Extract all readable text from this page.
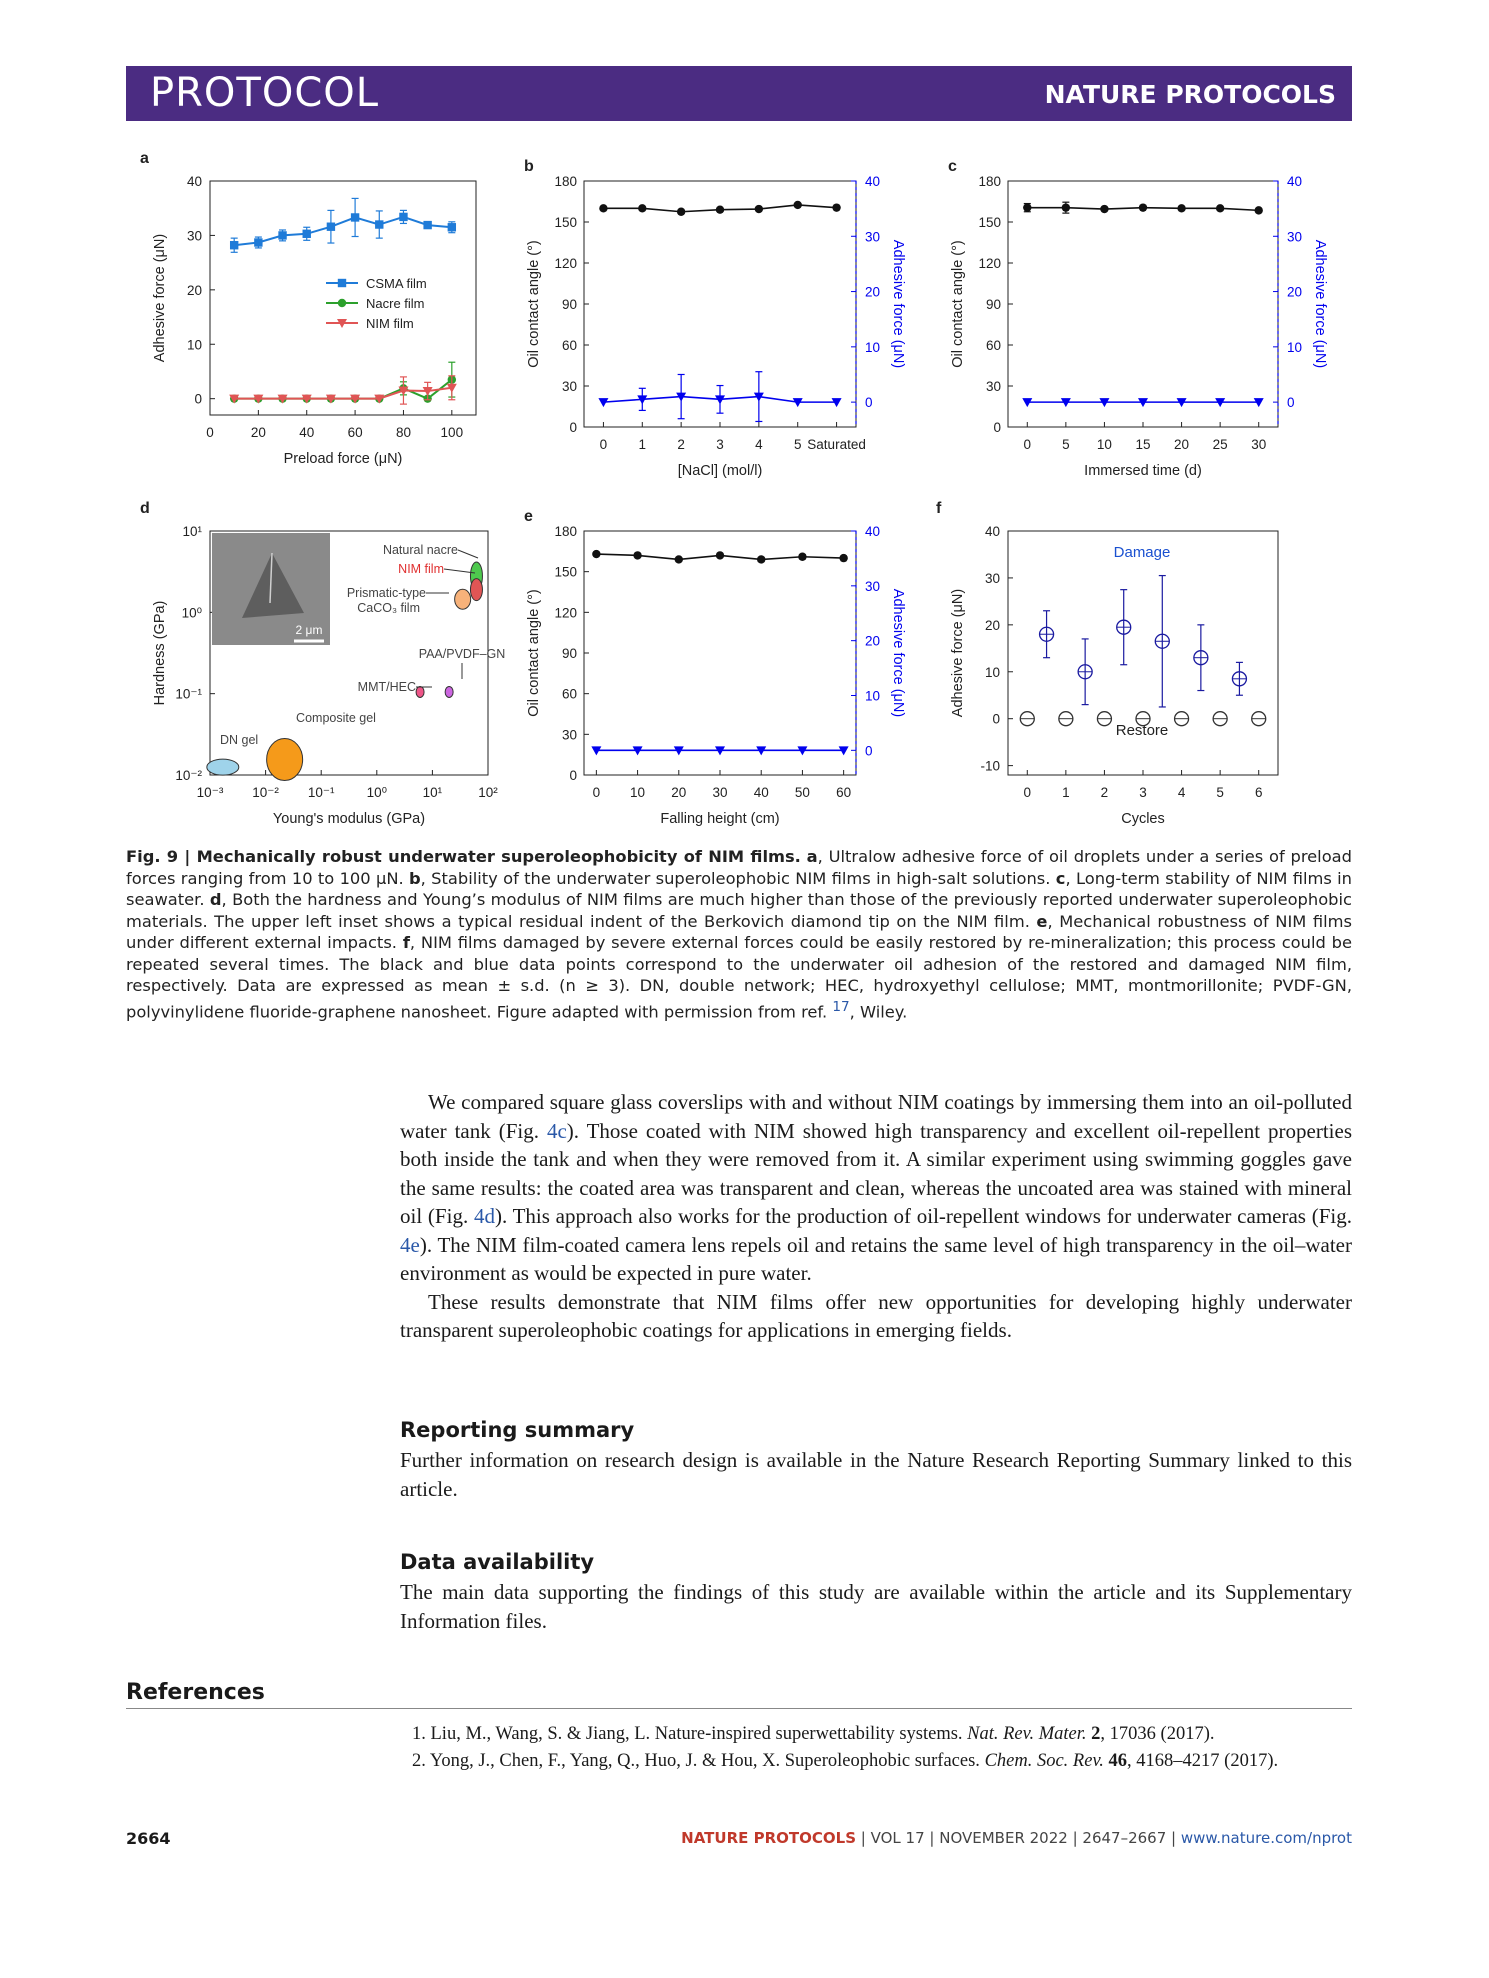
PROTOCOL	NATURE PROTOCOLS
0
10
20
30
40
0	20 40 60 80 100
Preload force (μN)
Adhesive force (μN)	CSMA film
Nacre film
NIM film
a
0
30
60
90
120
150
180
0
10
20
30
40
0 1 2 3 4 5 Saturated
[NaCl] (mol/l)
Oil contact angle (°)	Adhesive force (μN)
b
0
30
60
90
120
150
180
0
10
20
30
40
0 5 10 15 20 25 30
Immersed time (d)
Oil contact angle (°)	Adhesive force (μN)
c
0
30
60
90
120
150
180
0
10
20
30
40
0 10 20 30 40 50 60
Falling height (cm)
Oil contact angle (°)	Adhesive force (μN)
e
10⁻³ 10⁻² 10⁻¹ 10⁰	10¹	10²
10⁻²
10⁻¹
10⁰
10¹
Young's modulus (GPa)
Hardness (GPa)	2 μm
Natural nacre
NIM film
Prismatic-type
CaCO₃ film
PAA/PVDF–GN
MMT/HEC
Composite gel
DN gel
d
-10
0
10
20
30
40
0 1 2 3 4 5 6
Cycles
Adhesive force (μN)
Damage
Restore
f
Fig. 9 | Mechanically robust underwater superoleophobicity of NIM films. a, Ultralow adhesive force of oil droplets under a series of preload forces ranging from 10 to 100 μN. b, Stability of the underwater superoleophobic NIM films in high-salt solutions. c, Long-term stability of NIM films in seawater. d, Both the hardness and Young’s modulus of NIM films are much higher than those of the previously reported underwater superoleophobic materials. The upper left inset shows a typical residual indent of the Berkovich diamond tip on the NIM film. e, Mechanical robustness of NIM films under different external impacts. f, NIM films damaged by severe external forces could be easily restored by re-mineralization; this process could be repeated several times. The black and blue data points correspond to the underwater oil adhesion of the restored and damaged NIM film, respectively. Data are expressed as mean ± s.d. (n ≥ 3). DN, double network; HEC, hydroxyethyl cellulose; MMT, montmorillonite; PVDF-GN, polyvinylidene fluoride-graphene nanosheet. Figure adapted with permission from ref. $^{17}$, Wiley.

We compared square glass coverslips with and without NIM coatings by immersing them into an oil-polluted water tank (Fig. 4c). Those coated with NIM showed high transparency and excellent oil-repellent properties both inside the tank and when they were removed from it. A similar experiment using swimming goggles gave the same results: the coated area was transparent and clean, whereas the uncoated area was stained with mineral oil (Fig. 4d). This approach also works for the production of oil-repellent windows for underwater cameras (Fig. 4e). The NIM film-coated camera lens repels oil and retains the same level of high transparency in the oil–water environment as would be expected in pure water.

These results demonstrate that NIM films offer new opportunities for developing highly underwater transparent superoleophobic coatings for applications in emerging fields.

Reporting summary

Further information on research design is available in the Nature Research Reporting Summary linked to this article.

Data availability

The main data supporting the findings of this study are available within the article and its Supplementary Information files.

References
1. Liu, M., Wang, S. & Jiang, L. Nature-inspired superwettability systems. Nat. Rev. Mater. 2, 17036 (2017).
2. Yong, J., Chen, F., Yang, Q., Huo, J. & Hou, X. Superoleophobic surfaces. Chem. Soc. Rev. 46, 4168–4217 (2017).
2664	NATURE PROTOCOLS | VOL 17 | NOVEMBER 2022 | 2647–2667 | www.nature.com/nprot
